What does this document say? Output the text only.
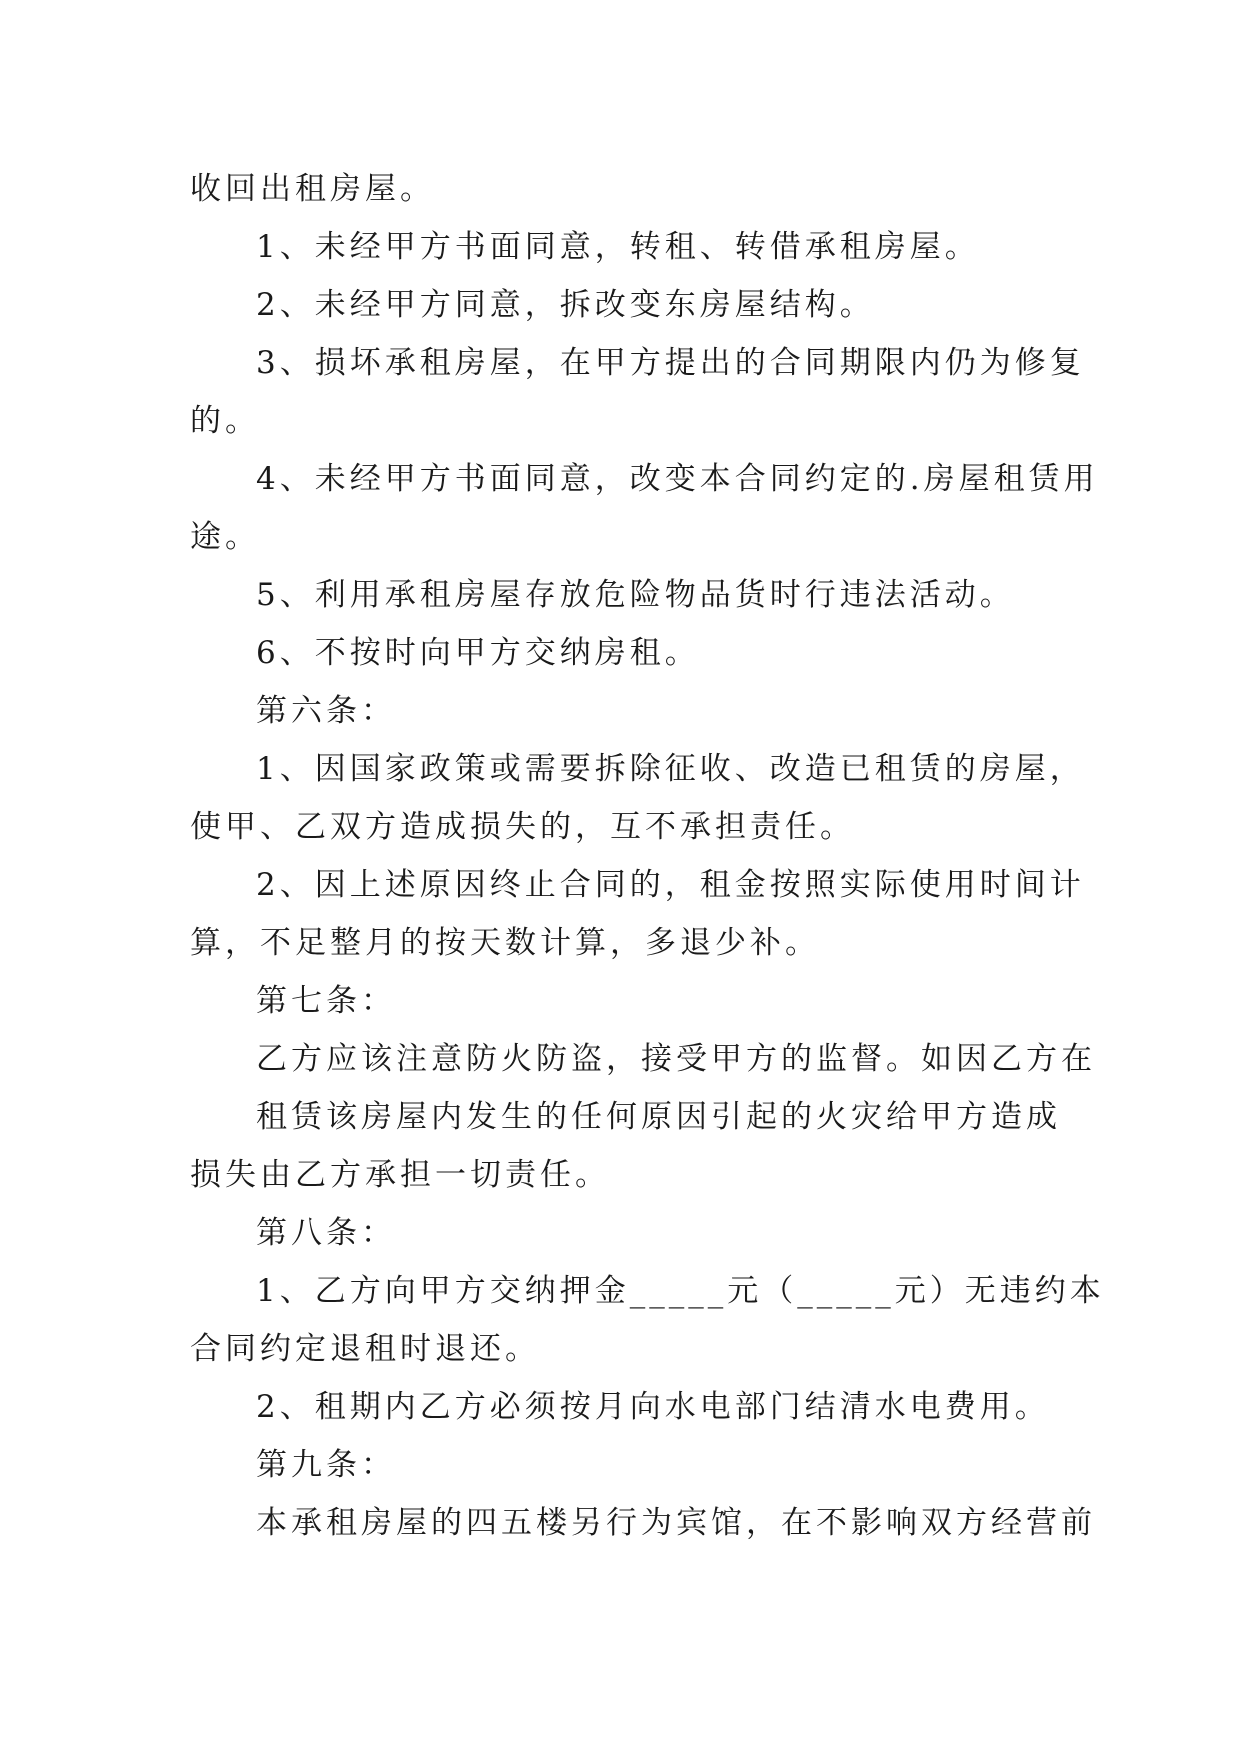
收回出租房屋。
1、未经甲方书面同意，转租、转借承租房屋。
2、未经甲方同意，拆改变东房屋结构。
3、损坏承租房屋，在甲方提出的合同期限内仍为修复
的。
4、未经甲方书面同意，改变本合同约定的.房屋租赁用
途。
5、利用承租房屋存放危险物品货时行违法活动。
6、不按时向甲方交纳房租。
第六条：
1、因国家政策或需要拆除征收、改造已租赁的房屋，
使甲、乙双方造成损失的，互不承担责任。
2、因上述原因终止合同的，租金按照实际使用时间计
算，不足整月的按天数计算，多退少补。
第七条：
乙方应该注意防火防盗，接受甲方的监督。如因乙方在
租赁该房屋内发生的任何原因引起的火灾给甲方造成
损失由乙方承担一切责任。
第八条：
1、乙方向甲方交纳押金_____元（_____元）无违约本
合同约定退租时退还。
2、租期内乙方必须按月向水电部门结清水电费用。
第九条：
本承租房屋的四五楼另行为宾馆，在不影响双方经营前
